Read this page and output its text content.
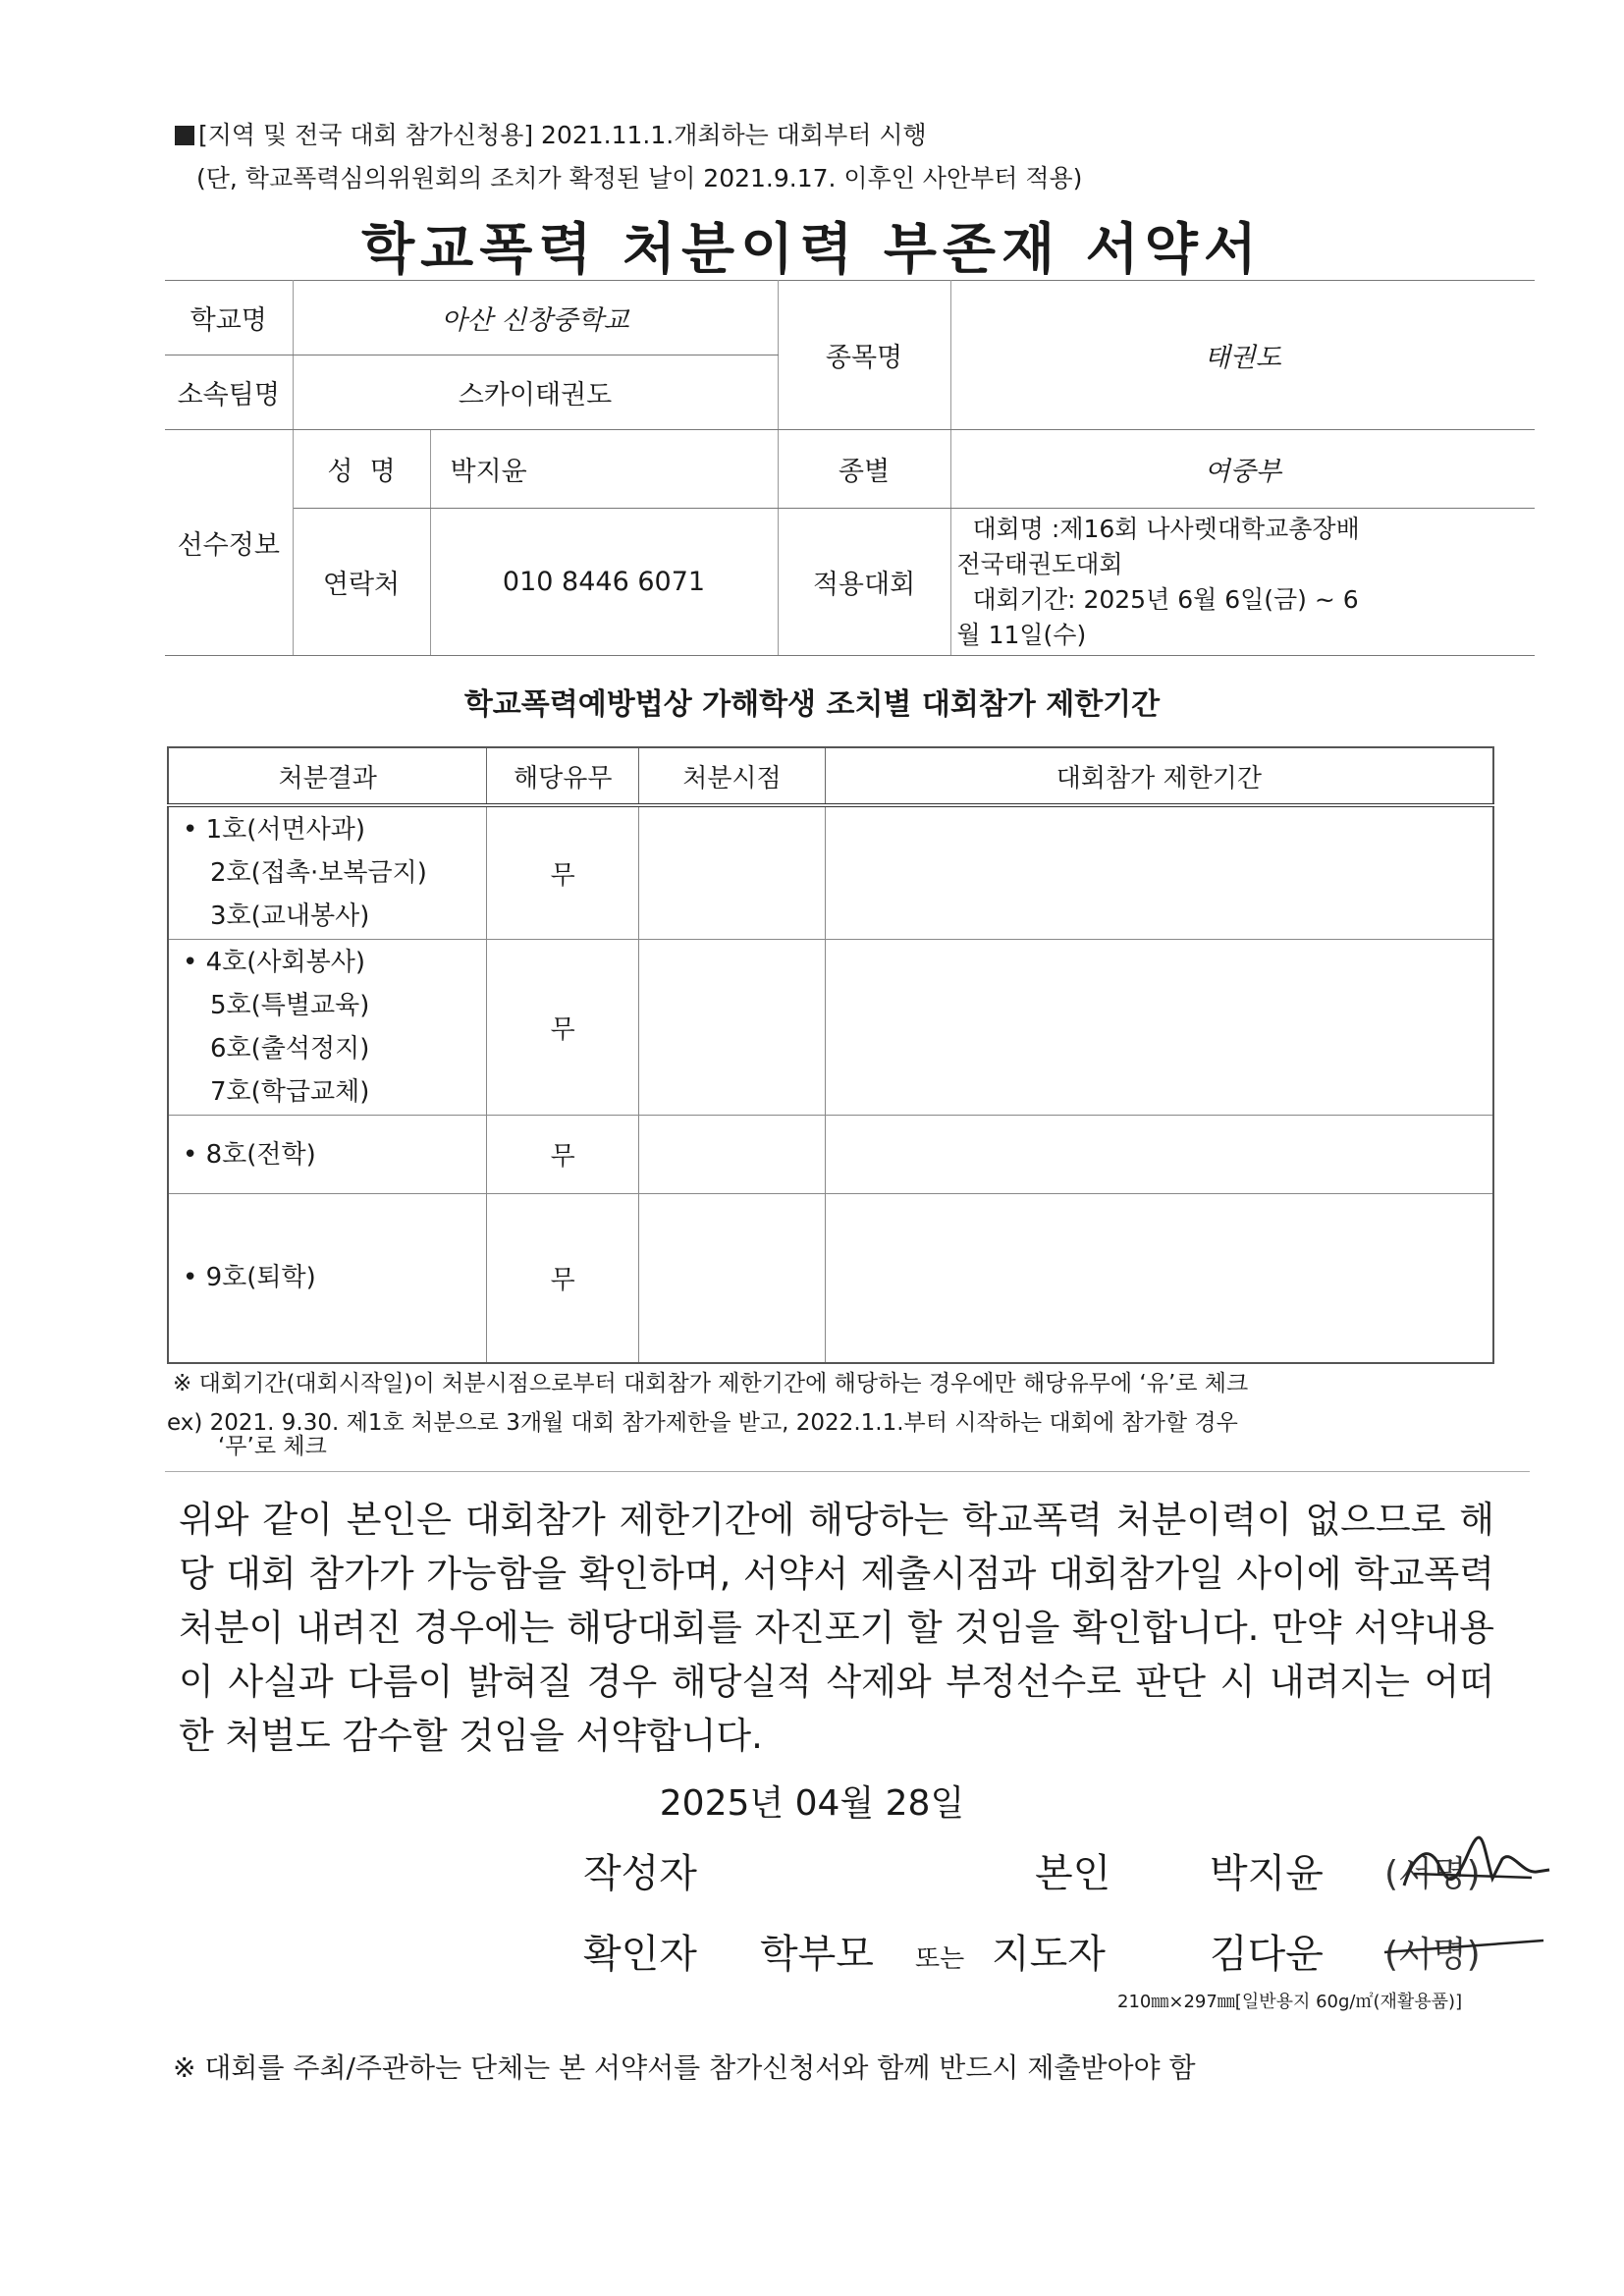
[지역 및 전국 대회 참가신청용] 2021.11.1.개최하는 대회부터 시행
(단, 학교폭력심의위원회의 조치가 확정된 날이 2021.9.17. 이후인 사안부터 적용)
학교폭력 처분이력 부존재 서약서
학교명	아산 신창중학교		종목명	태권도
소속팀명	스카이태권도			
선수정보	성  명	박지윤	종별	여중부
	연락처	010 8446 6071	적용대회	대회명 :제16회 나사렛대학교총장배
전국태권도대회
대회기간: 2025년 6월 6일(금) ~ 6
월 11일(수)
학교폭력예방법상 가해학생 조치별 대회참가 제한기간
처분결과	해당유무	처분시점	대회참가 제한기간

• 1호(서면사과)
2호(접촉·보복금지)
3호(교내봉사)	무		

• 4호(사회봉사)
5호(특별교육)
6호(출석정지)
7호(학급교체)	무		

• 8호(전학)	무		

• 9호(퇴학)	무		
※ 대회기간(대회시작일)이 처분시점으로부터 대회참가 제한기간에 해당하는 경우에만 해당유무에 ‘유’로 체크
ex) 2021. 9.30. 제1호 처분으로 3개월 대회 참가제한을 받고, 2022.1.1.부터 시작하는 대회에 참가할 경우
‘무’로 체크
위와 같이 본인은 대회참가 제한기간에 해당하는 학교폭력 처분이력이 없으므로 해당 대회 참가가 가능함을 확인하며, 서약서 제출시점과 대회참가일 사이에 학교폭력 처분이 내려진 경우에는 해당대회를 자진포기 할 것임을 확인합니다. 만약 서약내용이 사실과 다름이 밝혀질 경우 해당실적 삭제와 부정선수로 판단 시 내려지는 어떠한 처벌도 감수할 것임을 서약합니다.
2025년 04월 28일
작성자	본인	박지윤 (서명)
확인자 학부모 또는 지도자	김다운 (서명)
210㎜×297㎜[일반용지 60g/㎡(재활용품)]
※ 대회를 주최/주관하는 단체는 본 서약서를 참가신청서와 함께 반드시 제출받아야 함
